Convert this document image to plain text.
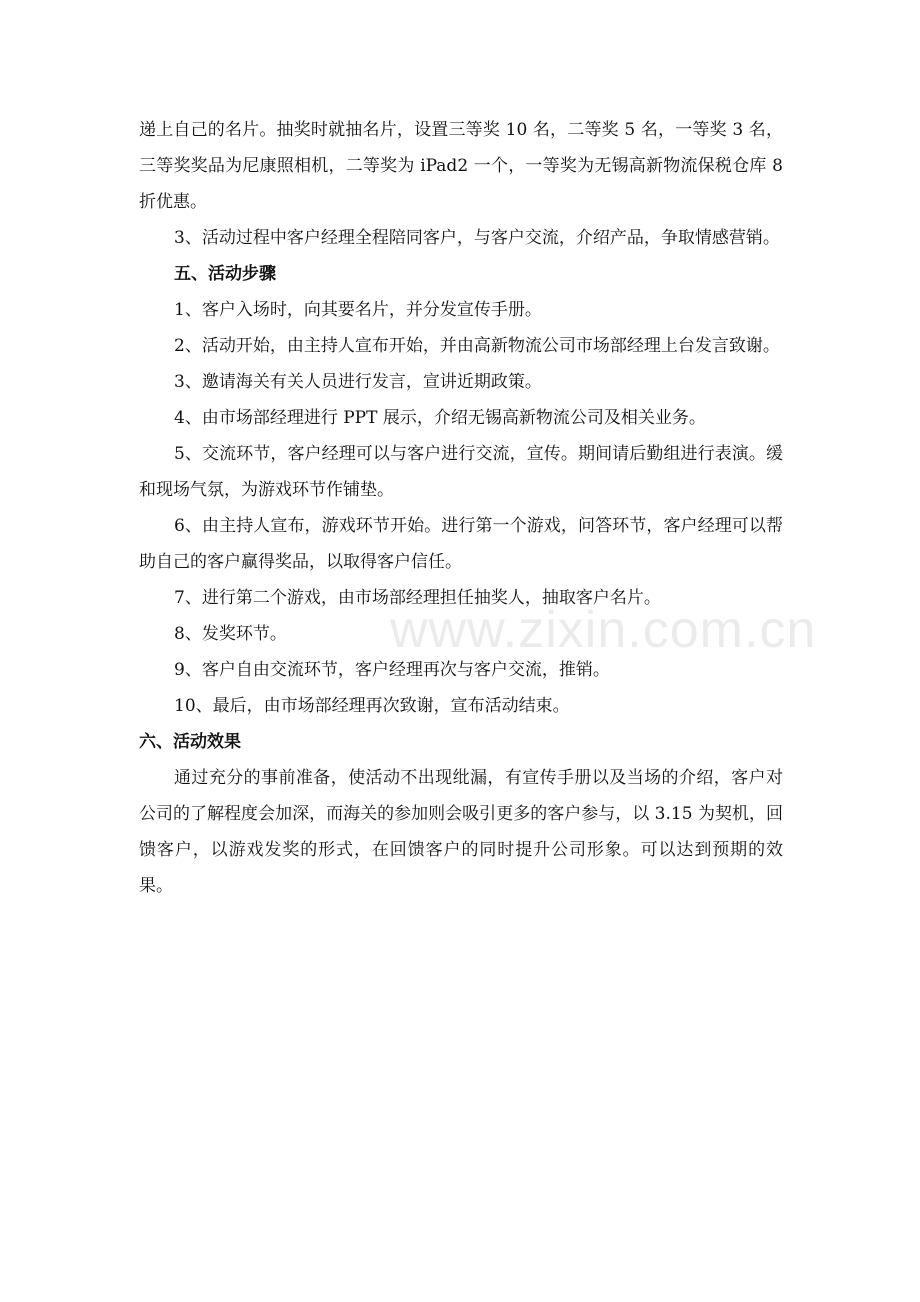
递上自己的名片。抽奖时就抽名片，设置三等奖 10 名，二等奖 5 名，一等奖 3 名，三等奖奖品为尼康照相机，二等奖为 iPad2 一个，一等奖为无锡高新物流保税仓库 8 折优惠。

3、活动过程中客户经理全程陪同客户，与客户交流，介绍产品，争取情感营销。

五、活动步骤

1、客户入场时，向其要名片，并分发宣传手册。

2、活动开始，由主持人宣布开始，并由高新物流公司市场部经理上台发言致谢。

3、邀请海关有关人员进行发言，宣讲近期政策。

4、由市场部经理进行 PPT 展示，介绍无锡高新物流公司及相关业务。

5、交流环节，客户经理可以与客户进行交流，宣传。期间请后勤组进行表演。缓和现场气氛，为游戏环节作铺垫。

6、由主持人宣布，游戏环节开始。进行第一个游戏，问答环节，客户经理可以帮助自己的客户赢得奖品，以取得客户信任。

7、进行第二个游戏，由市场部经理担任抽奖人，抽取客户名片。

8、发奖环节。

9、客户自由交流环节，客户经理再次与客户交流，推销。

10、最后，由市场部经理再次致谢，宣布活动结束。

六、活动效果

通过充分的事前准备，使活动不出现纰漏，有宣传手册以及当场的介绍，客户对公司的了解程度会加深，而海关的参加则会吸引更多的客户参与，以 3.15 为契机，回馈客户，以游戏发奖的形式，在回馈客户的同时提升公司形象。可以达到预期的效果。

www.zixin.com.cn
